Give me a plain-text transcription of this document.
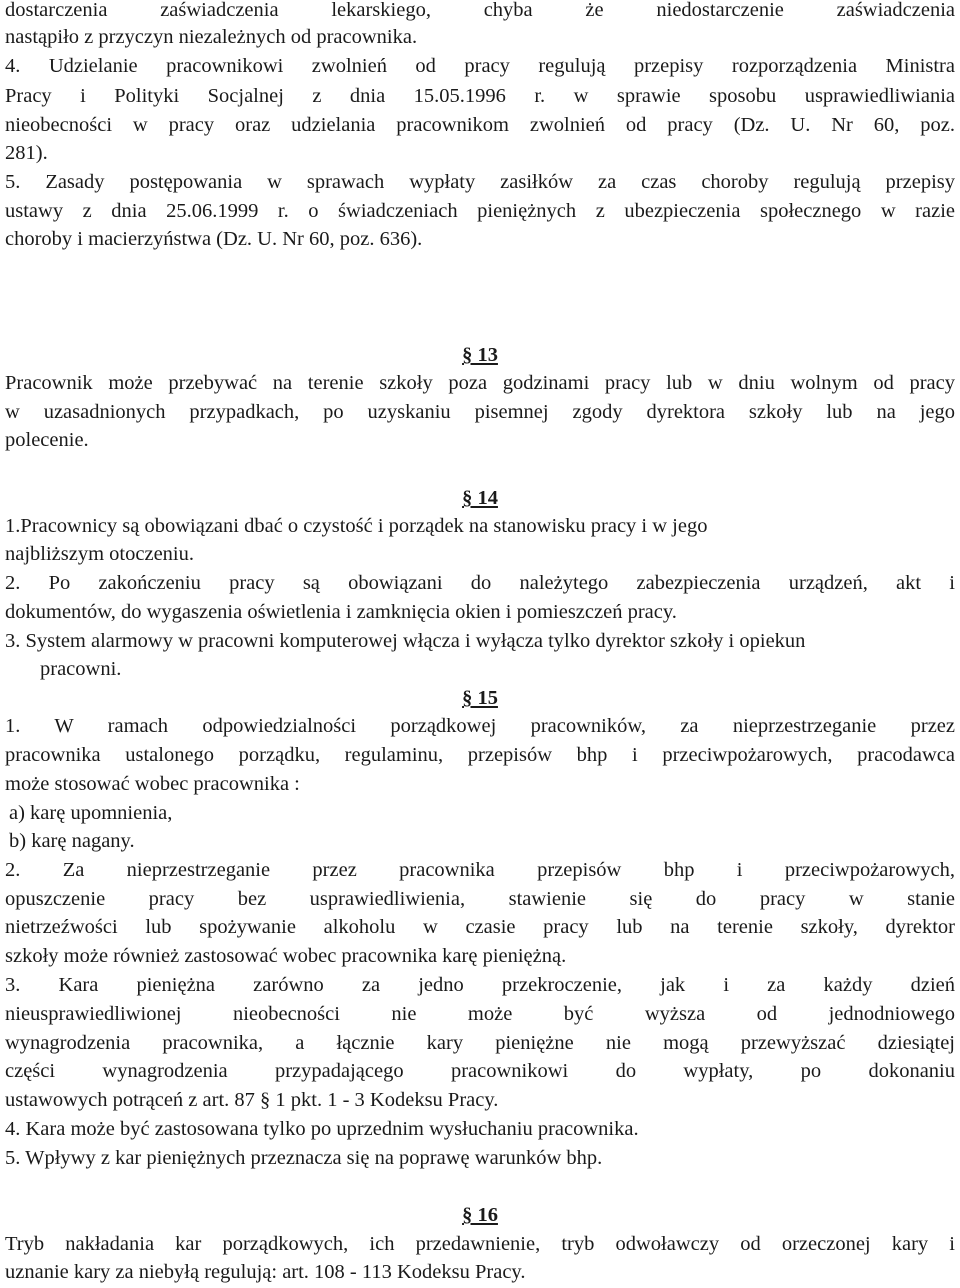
dostarczenia zaświadczenia lekarskiego, chyba że niedostarczenie zaświadczenia
nastąpiło z przyczyn niezależnych od pracownika.
4. Udzielanie pracownikowi zwolnień od pracy regulują przepisy rozporządzenia Ministra
Pracy i Polityki Socjalnej z dnia 15.05.1996 r. w sprawie sposobu usprawiedliwiania
nieobecności w pracy oraz udzielania pracownikom zwolnień od pracy (Dz. U. Nr 60, poz.
281).
5. Zasady postępowania w sprawach wypłaty zasiłków za czas choroby regulują przepisy
ustawy z dnia 25.06.1999 r. o świadczeniach pieniężnych z ubezpieczenia społecznego w razie
choroby i macierzyństwa (Dz. U. Nr 60, poz. 636).
§ 13
Pracownik może przebywać na terenie szkoły poza godzinami pracy lub w dniu wolnym od pracy
w uzasadnionych przypadkach, po uzyskaniu pisemnej zgody dyrektora szkoły lub na jego
polecenie.
§ 14
1.Pracownicy są obowiązani dbać o czystość i porządek na stanowisku pracy i w jego
najbliższym otoczeniu.
2. Po zakończeniu pracy są obowiązani do należytego zabezpieczenia urządzeń, akt i
dokumentów, do wygaszenia oświetlenia i zamknięcia okien i pomieszczeń pracy.
3. System alarmowy w pracowni komputerowej włącza i wyłącza tylko dyrektor szkoły i opiekun
pracowni.
§ 15
1. W ramach odpowiedzialności porządkowej pracowników, za nieprzestrzeganie przez
pracownika ustalonego porządku, regulaminu, przepisów bhp i przeciwpożarowych, pracodawca
może stosować wobec pracownika :
a) karę upomnienia,
b) karę nagany.
2. Za nieprzestrzeganie przez pracownika przepisów bhp i przeciwpożarowych,
opuszczenie pracy bez usprawiedliwienia, stawienie się do pracy w stanie
nietrzeźwości lub spożywanie alkoholu w czasie pracy lub na terenie szkoły, dyrektor
szkoły może również zastosować wobec pracownika karę pieniężną.
3. Kara pieniężna zarówno za jedno przekroczenie, jak i za każdy dzień
nieusprawiedliwionej nieobecności nie może być wyższa od jednodniowego
wynagrodzenia pracownika, a łącznie kary pieniężne nie mogą przewyższać dziesiątej
części wynagrodzenia przypadającego pracownikowi do wypłaty, po dokonaniu
ustawowych potrąceń z art. 87 § 1 pkt. 1 - 3 Kodeksu Pracy.
4. Kara może być zastosowana tylko po uprzednim wysłuchaniu pracownika.
5. Wpływy z kar pieniężnych przeznacza się na poprawę warunków bhp.
§ 16
Tryb nakładania kar porządkowych, ich przedawnienie, tryb odwoławczy od orzeczonej kary i
uznanie kary za niebyłą regulują: art. 108 - 113 Kodeksu Pracy.
